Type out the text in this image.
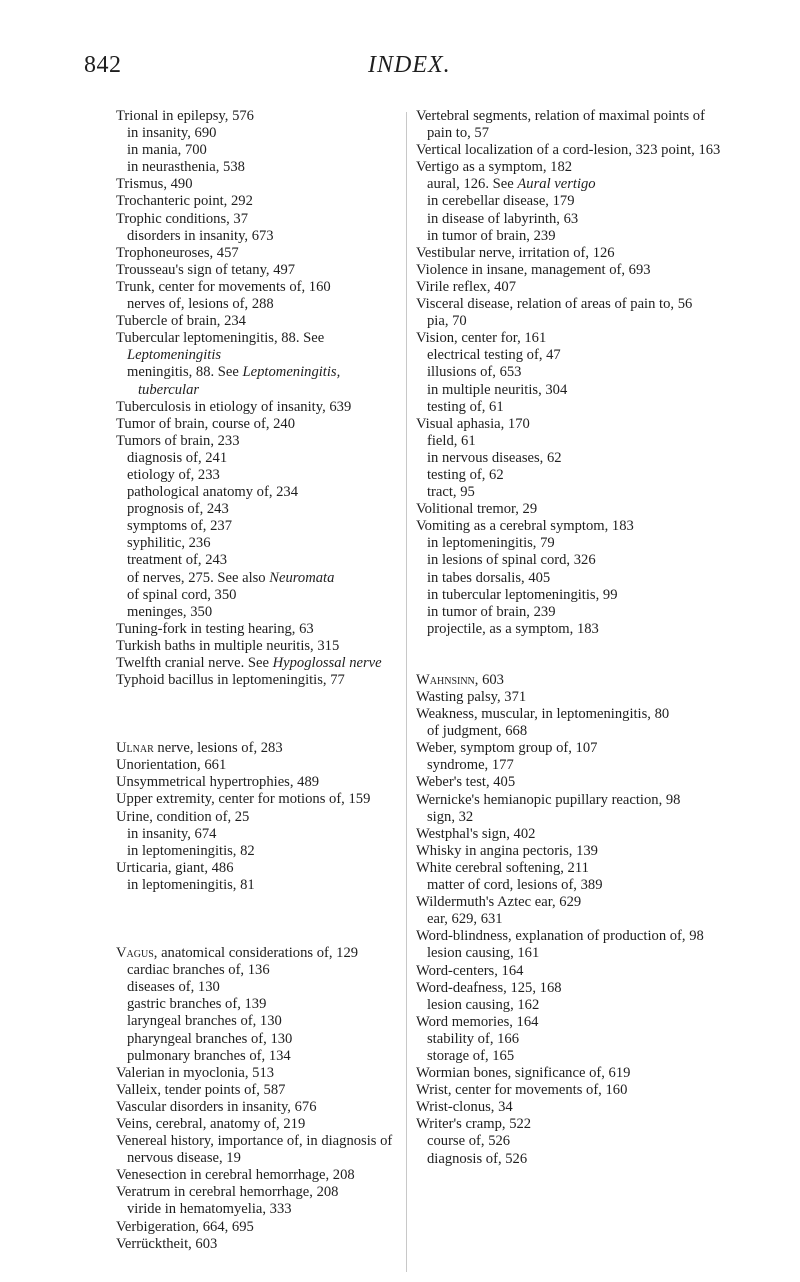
842	INDEX.
Trional in epilepsy, 576
in insanity, 690
in mania, 700
in neurasthenia, 538
Trismus, 490
Trochanteric point, 292
Trophic conditions, 37
disorders in insanity, 673
Trophoneuroses, 457
Trousseau's sign of tetany, 497
Trunk, center for movements of, 160
nerves of, lesions of, 288
Tubercle of brain, 234
Tubercular leptomeningitis, 88. See Leptomeningitis
meningitis, 88. See Leptomeningitis, tubercular
Tuberculosis in etiology of insanity, 639
Tumor of brain, course of, 240
Tumors of brain, 233
diagnosis of, 241
etiology of, 233
pathological anatomy of, 234
prognosis of, 243
symptoms of, 237
syphilitic, 236
treatment of, 243
of nerves, 275. See also Neuromata
of spinal cord, 350
meninges, 350
Tuning-fork in testing hearing, 63
Turkish baths in multiple neuritis, 315
Twelfth cranial nerve. See Hypoglossal nerve
Typhoid bacillus in leptomeningitis, 77
Ulnar nerve, lesions of, 283
Unorientation, 661
Unsymmetrical hypertrophies, 489
Upper extremity, center for motions of, 159
Urine, condition of, 25
in insanity, 674
in leptomeningitis, 82
Urticaria, giant, 486
in leptomeningitis, 81
Vagus, anatomical considerations of, 129
cardiac branches of, 136
diseases of, 130
gastric branches of, 139
laryngeal branches of, 130
pharyngeal branches of, 130
pulmonary branches of, 134
Valerian in myoclonia, 513
Valleix, tender points of, 587
Vascular disorders in insanity, 676
Veins, cerebral, anatomy of, 219
Venereal history, importance of, in diagnosis of nervous disease, 19
Venesection in cerebral hemorrhage, 208
Veratrum in cerebral hemorrhage, 208
viride in hematomyelia, 333
Verbigeration, 664, 695
Verrücktheit, 603
Vertebral segments, relation of maximal points of pain to, 57
Vertical localization of a cord-lesion, 323 point, 163
Vertigo as a symptom, 182
aural, 126. See Aural vertigo
in cerebellar disease, 179
in disease of labyrinth, 63
in tumor of brain, 239
Vestibular nerve, irritation of, 126
Violence in insane, management of, 693
Virile reflex, 407
Visceral disease, relation of areas of pain to, 56
pia, 70
Vision, center for, 161
electrical testing of, 47
illusions of, 653
in multiple neuritis, 304
testing of, 61
Visual aphasia, 170
field, 61
in nervous diseases, 62
testing of, 62
tract, 95
Volitional tremor, 29
Vomiting as a cerebral symptom, 183
in leptomeningitis, 79
in lesions of spinal cord, 326
in tabes dorsalis, 405
in tubercular leptomeningitis, 99
in tumor of brain, 239
projectile, as a symptom, 183
Wahnsinn, 603
Wasting palsy, 371
Weakness, muscular, in leptomeningitis, 80
of judgment, 668
Weber, symptom group of, 107
syndrome, 177
Weber's test, 405
Wernicke's hemianopic pupillary reaction, 98
sign, 32
Westphal's sign, 402
Whisky in angina pectoris, 139
White cerebral softening, 211
matter of cord, lesions of, 389
Wildermuth's Aztec ear, 629
ear, 629, 631
Word-blindness, explanation of production of, 98
lesion causing, 161
Word-centers, 164
Word-deafness, 125, 168
lesion causing, 162
Word memories, 164
stability of, 166
storage of, 165
Wormian bones, significance of, 619
Wrist, center for movements of, 160
Wrist-clonus, 34
Writer's cramp, 522
course of, 526
diagnosis of, 526
